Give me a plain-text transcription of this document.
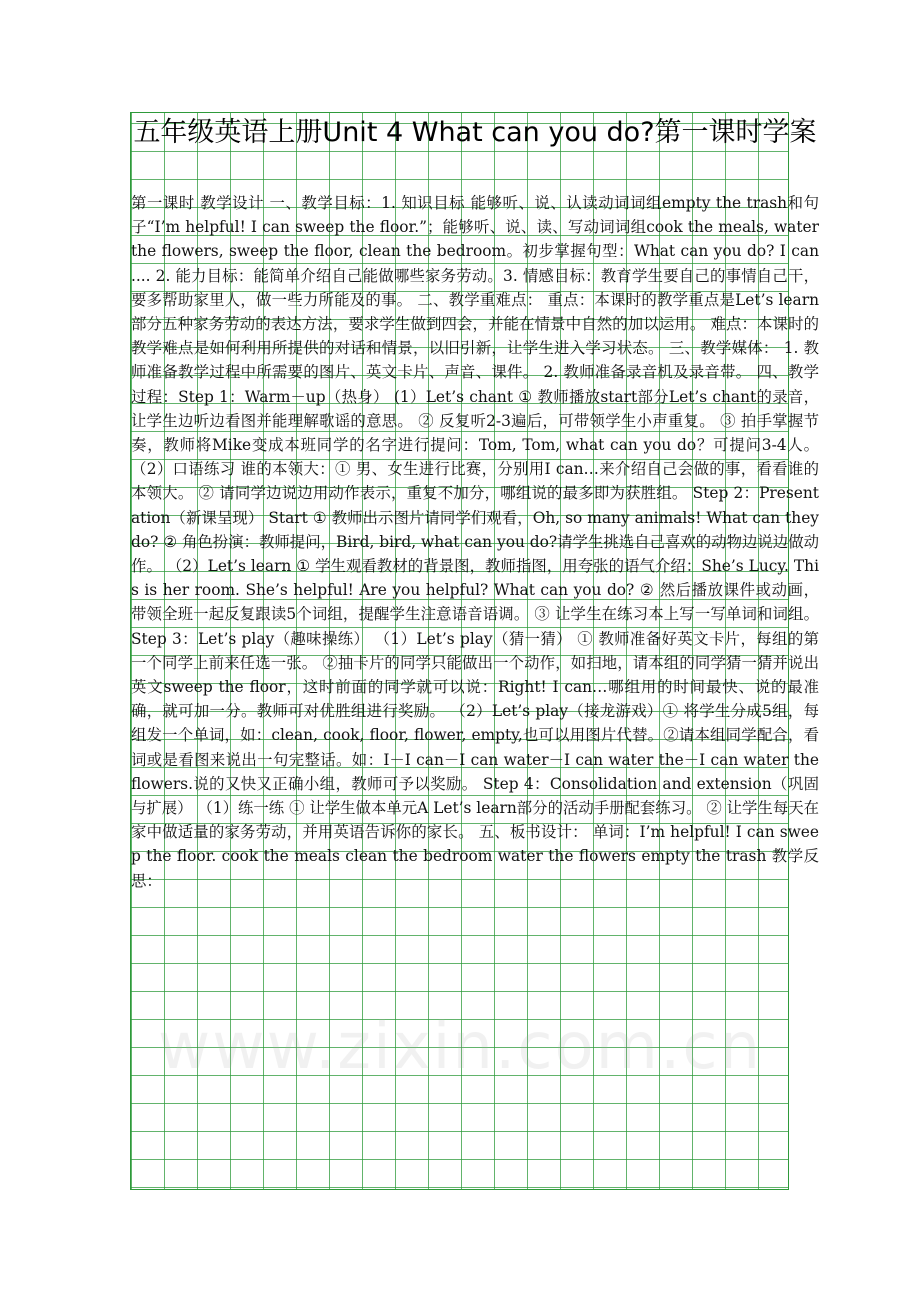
五年级英语上册Unit 4 What can you do?第一课时学案

第一课时 教学设计 一、教学目标：1. 知识目标 能够听、说、认读动词词组empty the trash和句子“I’m helpful! I can sweep the floor.”；能够听、说、读、写动词词组cook the meals, water the flowers, sweep the floor, clean the bedroom。初步掌握句型：What can you do? I can .... 2. 能力目标：能简单介绍自己能做哪些家务劳动。3. 情感目标：教育学生要自己的事情自己干，要多帮助家里人，做一些力所能及的事。 二、教学重难点： 重点：本课时的教学重点是Let’s learn部分五种家务劳动的表达方法，要求学生做到四会，并能在情景中自然的加以运用。 难点：本课时的教学难点是如何利用所提供的对话和情景，以旧引新，让学生进入学习状态。 三、教学媒体： 1. 教师准备教学过程中所需要的图片、英文卡片、声音、课件。 2. 教师准备录音机及录音带。 四、教学过程：Step 1：Warm－up（热身） (1）Let’s chant ① 教师播放start部分Let’s chant的录音，让学生边听边看图并能理解歌谣的意思。 ② 反复听2-3遍后，可带领学生小声重复。 ③ 拍手掌握节奏，教师将Mike变成本班同学的名字进行提问：Tom, Tom, what can you do？可提问3-4人。 （2）口语练习 谁的本领大：① 男、女生进行比赛，分别用I can…来介绍自己会做的事，看看谁的本领大。 ② 请同学边说边用动作表示，重复不加分，哪组说的最多即为获胜组。 Step 2：Presentation（新课呈现） Start ① 教师出示图片请同学们观看，Oh, so many animals! What can they do? ② 角色扮演：教师提问，Bird, bird, what can you do?请学生挑选自己喜欢的动物边说边做动作。 （2）Let’s learn ① 学生观看教材的背景图，教师指图，用夸张的语气介绍：She’s Lucy. This is her room. She’s helpful! Are you helpful? What can you do? ② 然后播放课件或动画，带领全班一起反复跟读5个词组，提醒学生注意语音语调。 ③ 让学生在练习本上写一写单词和词组。 Step 3：Let’s play（趣味操练） （1）Let’s play（猜一猜） ① 教师准备好英文卡片，每组的第一个同学上前来任选一张。 ②抽卡片的同学只能做出一个动作，如扫地，请本组的同学猜一猜并说出英文sweep the floor，这时前面的同学就可以说：Right! I can…哪组用的时间最快、说的最准确，就可加一分。教师可对优胜组进行奖励。 （2）Let’s play（接龙游戏）① 将学生分成5组，每组发一个单词，如：clean, cook, floor, flower, empty,也可以用图片代替。②请本组同学配合，看词或是看图来说出一句完整话。如：I－I can－I can water－I can water the－I can water the flowers.说的又快又正确小组，教师可予以奖励。 Step 4：Consolidation and extension（巩固与扩展） （1）练一练 ① 让学生做本单元A Let’s learn部分的活动手册配套练习。 ② 让学生每天在家中做适量的家务劳动，并用英语告诉你的家长。 五、板书设计： 单词：I’m helpful! I can sweep the floor. cook the meals clean the bedroom water the flowers empty the trash 教学反思：

www.zixin.com.cn
